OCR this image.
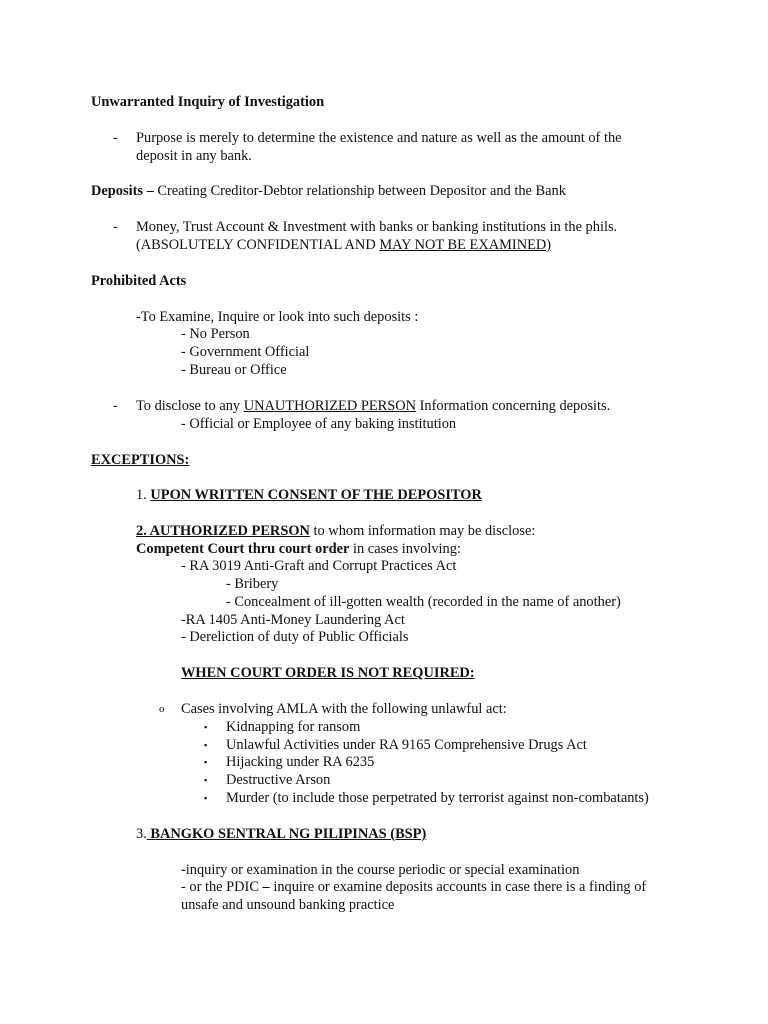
Unwarranted Inquiry of Investigation
- Purpose is merely to determine the existence and nature as well as the amount of the
deposit in any bank.
Deposits – Creating Creditor-Debtor relationship between Depositor and the Bank
- Money, Trust Account & Investment with banks or banking institutions in the phils.
(ABSOLUTELY CONFIDENTIAL AND MAY NOT BE EXAMINED)
Prohibited Acts
-To Examine, Inquire or look into such deposits :
- No Person
- Government Official
- Bureau or Office
- To disclose to any UNAUTHORIZED PERSON Information concerning deposits.
- Official or Employee of any baking institution
EXCEPTIONS:
1. UPON WRITTEN CONSENT OF THE DEPOSITOR
2. AUTHORIZED PERSON to whom information may be disclose:
Competent Court thru court order in cases involving:
- RA 3019 Anti-Graft and Corrupt Practices Act
- Bribery
- Concealment of ill-gotten wealth (recorded in the name of another)
-RA 1405 Anti-Money Laundering Act
- Dereliction of duty of Public Officials
WHEN COURT ORDER IS NOT REQUIRED:
o Cases involving AMLA with the following unlawful act:
▪ Kidnapping for ransom
▪ Unlawful Activities under RA 9165 Comprehensive Drugs Act
▪ Hijacking under RA 6235
▪ Destructive Arson
▪ Murder (to include those perpetrated by terrorist against non-combatants)
3. BANGKO SENTRAL NG PILIPINAS (BSP)
-inquiry or examination in the course periodic or special examination
- or the PDIC – inquire or examine deposits accounts in case there is a finding of
unsafe and unsound banking practice
